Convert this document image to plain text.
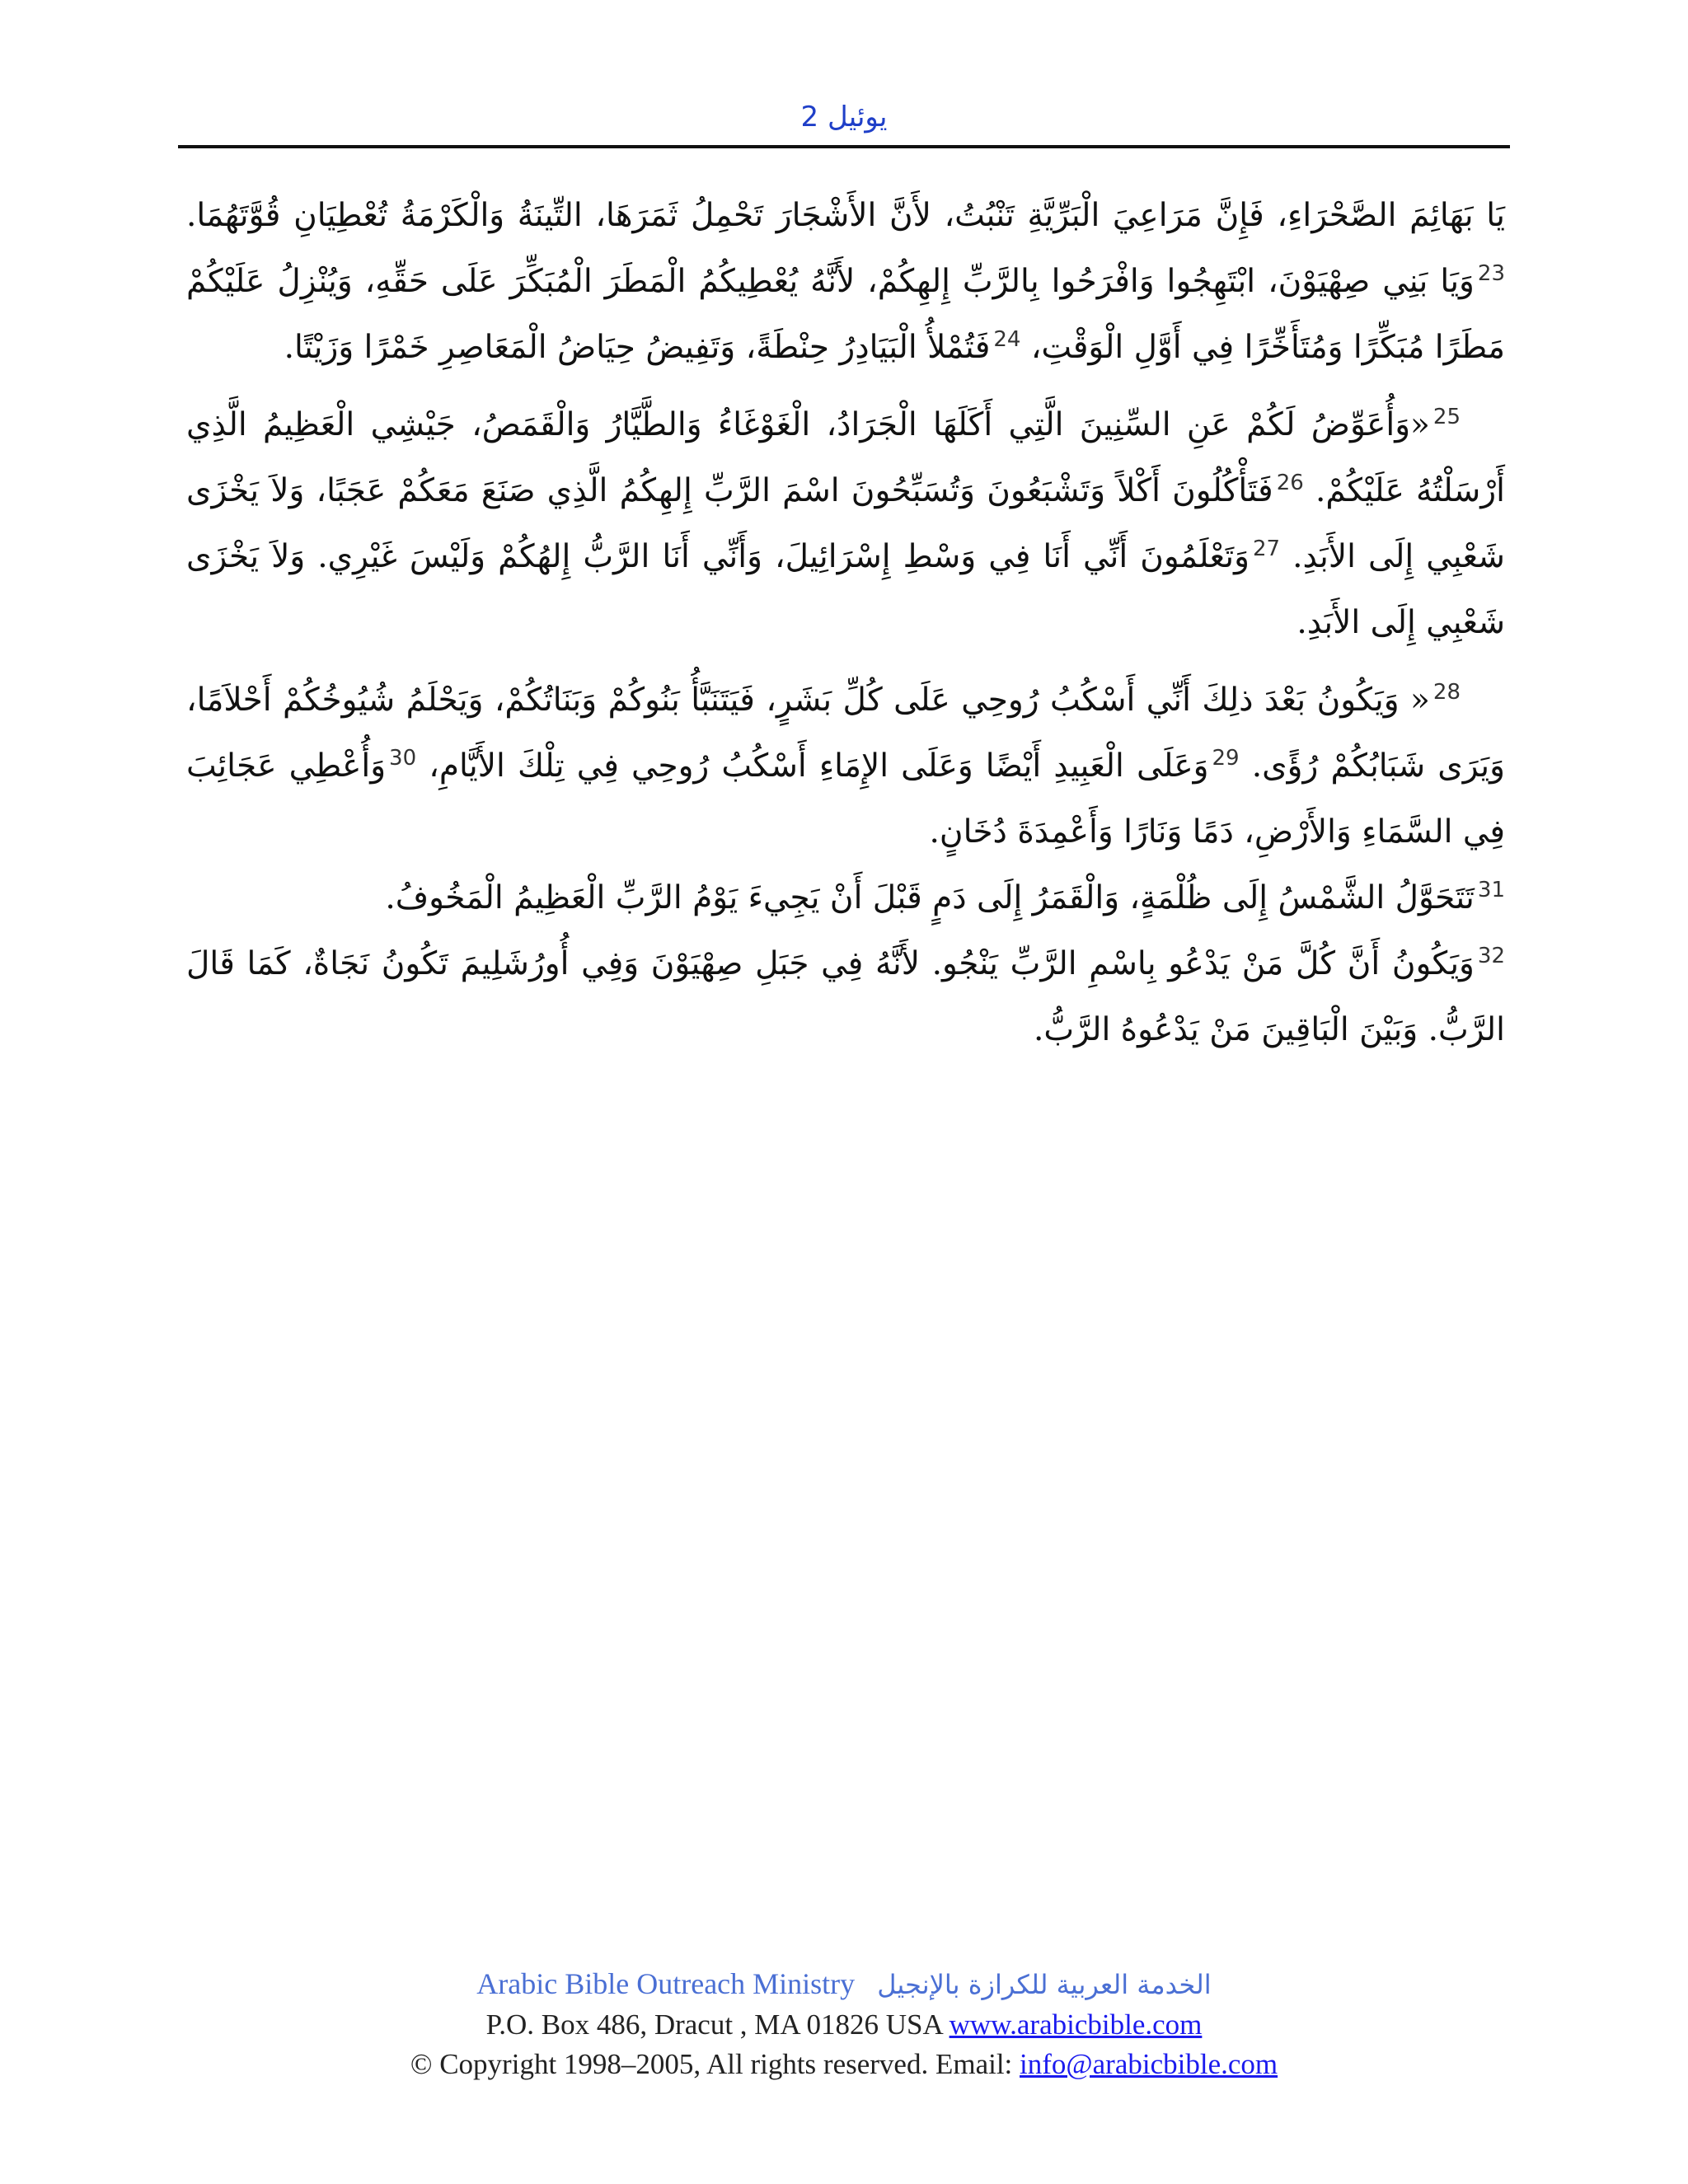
يوئيل 2

يَا بَهَائِمَ الصَّحْرَاءِ، فَإِنَّ مَرَاعِيَ الْبَرِّيَّةِ تَنْبُتُ، لأَنَّ الأَشْجَارَ تَحْمِلُ ثَمَرَهَا، التِّينَةُ وَالْكَرْمَةُ تُعْطِيَانِ قُوَّتَهُمَا. $^{23}$وَيَا بَنِي صِهْيَوْنَ، ابْتَهِجُوا وَافْرَحُوا بِالرَّبِّ إِلهِكُمْ، لأَنَّهُ يُعْطِيكُمُ الْمَطَرَ الْمُبَكِّرَ عَلَى حَقِّهِ، وَيُنْزِلُ عَلَيْكُمْ مَطَرًا مُبَكِّرًا وَمُتَأَخِّرًا فِي أَوَّلِ الْوَقْتِ، $^{24}$فَتُمْلأُ الْبَيَادِرُ حِنْطَةً، وَتَفِيضُ حِيَاضُ الْمَعَاصِرِ خَمْرًا وَزَيْتًا.

$^{25}$«وَأُعَوِّضُ لَكُمْ عَنِ السِّنِينَ الَّتِي أَكَلَهَا الْجَرَادُ، الْغَوْغَاءُ وَالطَّيَّارُ وَالْقَمَصُ، جَيْشِي الْعَظِيمُ الَّذِي أَرْسَلْتُهُ عَلَيْكُمْ. $^{26}$فَتَأْكُلُونَ أَكْلاً وَتَشْبَعُونَ وَتُسَبِّحُونَ اسْمَ الرَّبِّ إِلهِكُمُ الَّذِي صَنَعَ مَعَكُمْ عَجَبًا، وَلاَ يَخْزَى شَعْبِي إِلَى الأَبَدِ. $^{27}$وَتَعْلَمُونَ أَنِّي أَنَا فِي وَسْطِ إِسْرَائِيلَ، وَأَنِّي أَنَا الرَّبُّ إِلهُكُمْ وَلَيْسَ غَيْرِي. وَلاَ يَخْزَى شَعْبِي إِلَى الأَبَدِ.

$^{28}$« وَيَكُونُ بَعْدَ ذلِكَ أَنِّي أَسْكُبُ رُوحِي عَلَى كُلِّ بَشَرٍ، فَيَتَنَبَّأُ بَنُوكُمْ وَبَنَاتُكُمْ، وَيَحْلَمُ شُيُوخُكُمْ أَحْلاَمًا، وَيَرَى شَبَابُكُمْ رُؤًى. $^{29}$وَعَلَى الْعَبِيدِ أَيْضًا وَعَلَى الإِمَاءِ أَسْكُبُ رُوحِي فِي تِلْكَ الأَيَّامِ، $^{30}$وَأُعْطِي عَجَائِبَ فِي السَّمَاءِ وَالأَرْضِ، دَمًا وَنَارًا وَأَعْمِدَةَ دُخَانٍ.

$^{31}$تَتَحَوَّلُ الشَّمْسُ إِلَى ظُلْمَةٍ، وَالْقَمَرُ إِلَى دَمٍ قَبْلَ أَنْ يَجِيءَ يَوْمُ الرَّبِّ الْعَظِيمُ الْمَخُوفُ.

$^{32}$وَيَكُونُ أَنَّ كُلَّ مَنْ يَدْعُو بِاسْمِ الرَّبِّ يَنْجُو. لأَنَّهُ فِي جَبَلِ صِهْيَوْنَ وَفِي أُورُشَلِيمَ تَكُونُ نَجَاةٌ، كَمَا قَالَ الرَّبُّ. وَبَيْنَ الْبَاقِينَ مَنْ يَدْعُوهُ الرَّبُّ.

Arabic Bible Outreach Ministry الخدمة العربية للكرازة بالإنجيل
P.O. Box 486, Dracut , MA 01826 USA www.arabicbible.com
© Copyright 1998–2005, All rights reserved. Email: info@arabicbible.com
